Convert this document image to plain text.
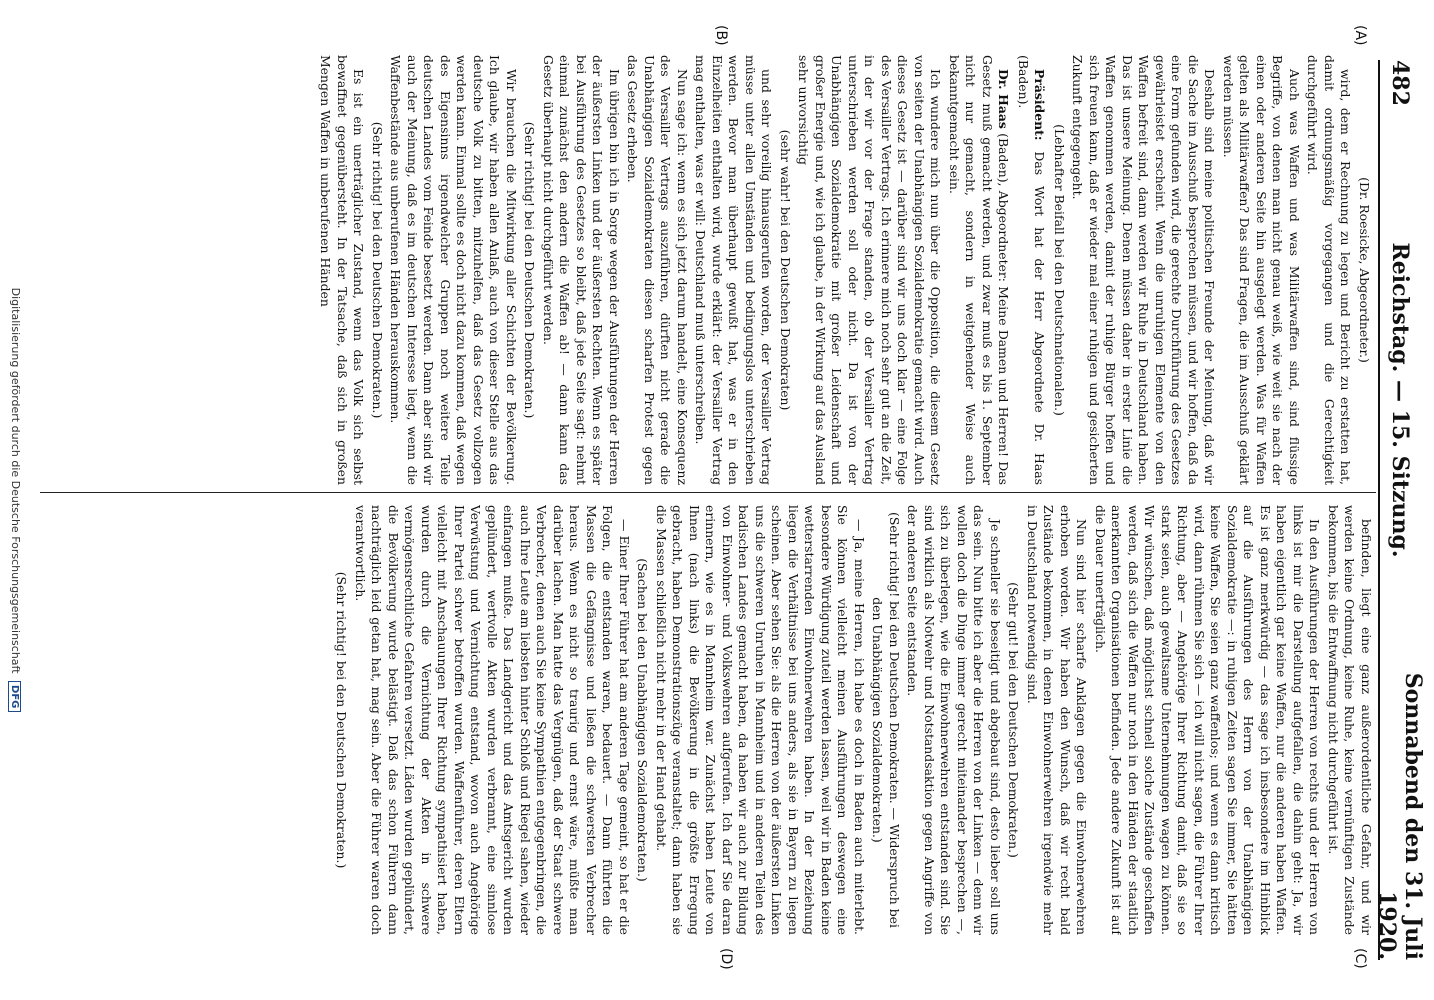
482
Reichstag. — 15. Sitzung.
Sonnabend den 31. Juli 1920.
(A)
(B)
(C)
(D)

(Dr. Roesicke, Abgeordneter.)

wird, dem er Rechnung zu legen und Bericht zu erstatten hat, damit ordnungsmäßig vorgegangen und die Gerechtigkeit durchgeführt wird.

Auch was Waffen und was Militärwaffen sind, sind flüssige Begriffe, von denen man nicht genau weiß, wie weit sie nach der einen oder anderen Seite hin ausgelegt werden. Was für Waffen gelten als Militärwaffen? Das sind Fragen, die im Ausschuß geklärt werden müssen.

Deshalb sind meine politischen Freunde der Meinung, daß wir die Sache im Ausschuß besprechen müssen, und wir hoffen, daß da eine Form gefunden wird, die gerechte Durchführung des Gesetzes gewährleistet erscheint. Wenn die unruhigen Elemente von den Waffen befreit sind, dann werden wir Ruhe in Deutschland haben. Das ist unsere Meinung. Denen müssen daher in erster Linie die Waffen genommen werden, damit der ruhige Bürger hoffen und sich freuen kann, daß er wieder mal einer ruhigen und gesicherten Zukunft entgegengeht.

(Lebhafter Beifall bei den Deutschnationalen.)

Präsident: Das Wort hat der Herr Abgeordnete Dr. Haas (Baden).

Dr. Haas (Baden), Abgeordneter: Meine Damen und Herren! Das Gesetz muß gemacht werden, und zwar muß es bis 1. September nicht nur gemacht, sondern in weitgehender Weise auch bekanntgemacht sein.

Ich wundere mich nun über die Opposition, die diesem Gesetz von seiten der Unabhängigen Sozialdemokratie gemacht wird. Auch dieses Gesetz ist — darüber sind wir uns doch klar — eine Folge des Versailler Vertrags. Ich erinnere mich noch sehr gut an die Zeit, in der wir vor der Frage standen, ob der Versailler Vertrag unterschrieben werden soll oder nicht. Da ist von der Unabhängigen Sozialdemokratie mit großer Leidenschaft und großer Energie und, wie ich glaube, in der Wirkung auf das Ausland sehr unvorsichtig

(sehr wahr! bei den Deutschen Demokraten)

und sehr voreilig hinausgerufen worden, der Versailler Vertrag müsse unter allen Umständen und bedingungslos unterschrieben werden. Bevor man überhaupt gewußt hat, was er in den Einzelheiten enthalten wird, wurde erklärt: der Versailler Vertrag mag enthalten, was er will: Deutschland muß unterschreiben.

Nun sage ich: wenn es sich jetzt darum handelt, eine Konsequenz des Versailler Vertrags auszuführen, dürften nicht gerade die Unabhängigen Sozialdemokraten diesen scharfen Protest gegen das Gesetz erheben.

Im übrigen bin ich in Sorge wegen der Ausführungen der Herren der äußersten Linken und der äußersten Rechten. Wenn es später bei Ausführung des Gesetzes so bleibt, daß jede Seite sagt: nehmt einmal zunächst den andern die Waffen ab! — dann kann das Gesetz überhaupt nicht durchgeführt werden.

(Sehr richtig! bei den Deutschen Demokraten.)

Wir brauchen die Mitwirkung aller Schichten der Bevölkerung. Ich glaube, wir haben allen Anlaß, auch von dieser Stelle aus das deutsche Volk zu bitten, mitzuhelfen, daß das Gesetz vollzogen werden kann. Einmal sollte es doch nicht dazu kommen, daß wegen des Eigensinns irgendwelcher Gruppen noch weitere Teile deutschen Landes vom Feinde besetzt werden. Dann aber sind wir auch der Meinung, daß es im deutschen Interesse liegt, wenn die Waffenbestände aus unberufenen Händen herauskommen.

(Sehr richtig! bei den Deutschen Demokraten.)

Es ist ein unerträglicher Zustand, wenn das Volk sich selbst bewaffnet gegenübersteht. In der Tatsache, daß sich in großen Mengen Waffen in unberufenen Händen

befinden, liegt eine ganz außerordentliche Gefahr, und wir werden keine Ordnung, keine Ruhe, keine vernünftigen Zustände bekommen, bis die Entwaffnung nicht durchgeführt ist.

In den Ausführungen der Herren von rechts und der Herren von links ist mir die Darstellung aufgefallen, die dahin geht: Ja, wir haben eigentlich gar keine Waffen, nur die anderen haben Waffen. Es ist ganz merkwürdig — das sage ich insbesondere im Hinblick auf die Ausführungen des Herrn von der Unabhängigen Sozialdemokratie —: in ruhigen Zeiten sagen Sie immer, Sie hätten keine Waffen, Sie seien ganz waffenlos; und wenn es dann kritisch wird, dann rühmen Sie sich — ich will nicht sagen, die Führer Ihrer Richtung, aber — Angehörige Ihrer Richtung damit, daß sie so stark seien, auch gewaltsame Unternehmungen wagen zu können. Wir wünschen, daß möglichst schnell solche Zustände geschaffen werden, daß sich die Waffen nur noch in den Händen der staatlich anerkannten Organisationen befinden. Jede andere Zukunft ist auf die Dauer unerträglich.

Nun sind hier scharfe Anklagen gegen die Einwohnerwehren erhoben worden. Wir haben den Wunsch, daß wir recht bald Zustände bekommen, in denen Einwohnerwehren irgendwie mehr in Deutschland notwendig sind.

(Sehr gut! bei den Deutschen Demokraten.)

Je schneller sie beseitigt und abgebaut sind, desto lieber soll uns das sein. Nun bitte ich aber die Herren von der Linken — denn wir wollen doch die Dinge immer gerecht miteinander besprechen —, sich zu überlegen, wie die Einwohnerwehren entstanden sind. Sie sind wirklich als Notwehr und Notstandsaktion gegen Angriffe von der anderen Seite entstanden.

(Sehr richtig! bei den Deutschen Demokraten. — Widerspruch bei den Unabhängigen Sozialdemokraten.)

— Ja, meine Herren, ich habe es doch in Baden auch miterlebt. Sie können vielleicht meinen Ausführungen deswegen eine besondere Würdigung zuteil werden lassen, weil wir in Baden keine wetterstarrenden Einwohnerwehren haben. In der Beziehung liegen die Verhältnisse bei uns anders, als sie in Bayern zu liegen scheinen. Aber sehen Sie: als die Herren von der äußersten Linken uns die schweren Unruhen in Mannheim und in anderen Teilen des badischen Landes gemacht haben, da haben wir auch zur Bildung von Einwohner- und Volkswehren aufgerufen. Ich darf Sie daran erinnern, wie es in Mannheim war. Zunächst haben Leute von Ihnen (nach links) die Bevölkerung in die größte Erregung gebracht, haben Demonstrationszüge veranstaltet; dann haben sie die Massen schließlich nicht mehr in der Hand gehabt.

(Sachen bei den Unabhängigen Sozialdemokraten.)

— Einer Ihrer Führer hat am anderen Tage gemeint, so hat er die Folgen, die entstanden waren, bedauert. — Dann führten die Massen die Gefängnisse und ließen die schwersten Verbrecher heraus. Wenn es nicht so traurig und ernst wäre, müßte man darüber lachen. Man hatte das Vergnügen, daß der Staat schwere Verbrecher, denen auch Sie keine Sympathien entgegenbringen, die auch Ihre Leute am liebsten hinter Schloß und Riegel sahen, wieder einfangen mußte. Das Landgericht und das Amtsgericht wurden geplündert, wertvolle Akten wurden verbrannt, eine sinnlose Verwüstung und Vernichtung entstand, wovon auch Angehörige Ihrer Partei schwer betroffen wurden. Waffenführer, deren Eltern vielleicht mit Anschauungen Ihrer Richtung sympathisiert haben, wurden durch die Vernichtung der Akten in schwere vermögensrechtliche Gefahren versetzt. Läden wurden geplündert, die Bevölkerung wurde belästigt. Daß das schon Führern dann nachträglich leid getan hat, mag sein. Aber die Führer waren doch verantwortlich.

(Sehr richtig! bei den Deutschen Demokraten.)

Digitalisierung gefördert durch die Deutsche Forschungsgemeinschaft DFG
